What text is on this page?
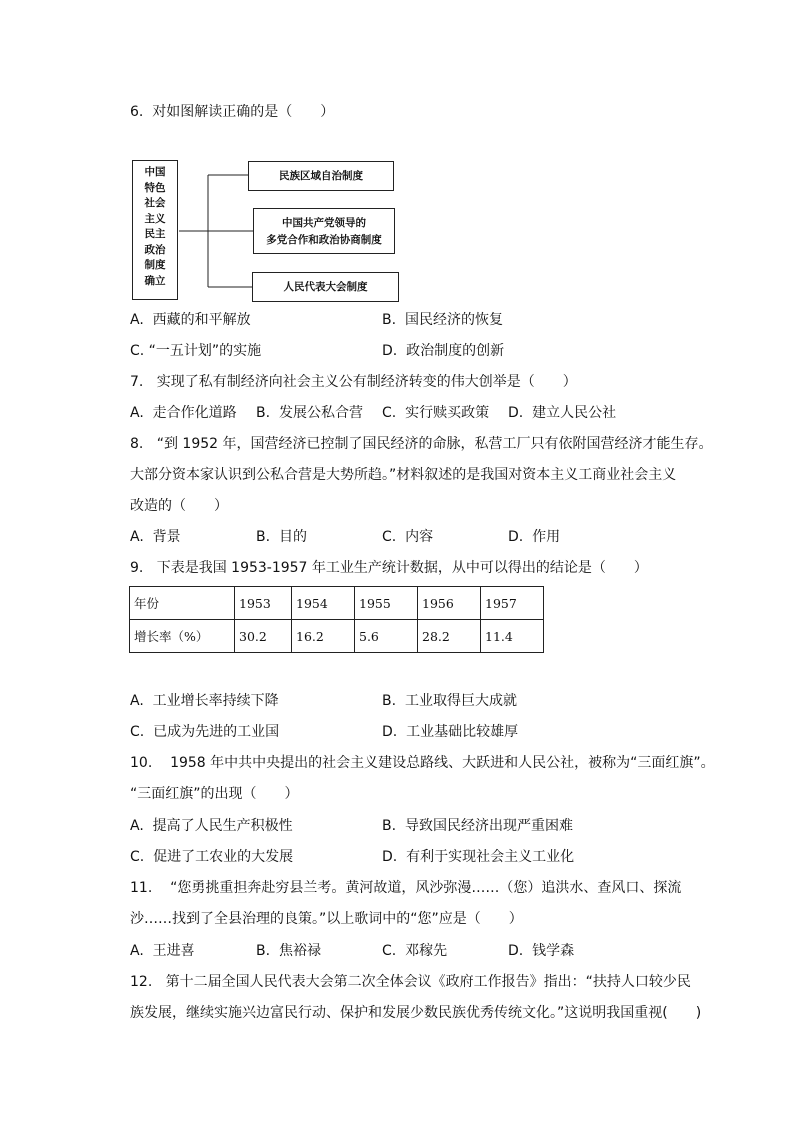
6.  对如图解读正确的是（　　）
中国
特色
社会
主义
民主
政治
制度
确立
民族区域自治制度
中国共产党领导的
多党合作和政治协商制度
人民代表大会制度
A.  西藏的和平解放	B.  国民经济的恢复
C. “一五计划”的实施	D.  政治制度的创新
7.   实现了私有制经济向社会主义公有制经济转变的伟大创举是（　　）
A.  走合作化道路 B.  发展公私合营 C.  实行赎买政策 D.  建立人民公社
8.   “到 1952 年，国营经济已控制了国民经济的命脉，私营工厂只有依附国营经济才能生存。
大部分资本家认识到公私合营是大势所趋。”材料叙述的是我国对资本主义工商业社会主义
改造的（　　）
A.  背景	B.  目的	C.  内容	D.  作用
9.   下表是我国 1953-1957 年工业生产统计数据，从中可以得出的结论是（　　）
年份	1953	1954	1955	1956	1957
增长率（%）	30.2	16.2	5.6	28.2	11.4
A.  工业增长率持续下降	B.  工业取得巨大成就
C.  已成为先进的工业国	D.  工业基础比较雄厚
10.    1958 年中共中央提出的社会主义建设总路线、大跃进和人民公社，被称为“三面红旗”。
“三面红旗”的出现（　　）
A.  提高了人民生产积极性	B.  导致国民经济出现严重困难
C.  促进了工农业的大发展	D.  有利于实现社会主义工业化
11.    “您勇挑重担奔赴穷县兰考。黄河故道，风沙弥漫……（您）追洪水、查风口、探流
沙……找到了全县治理的良策。”以上歌词中的“您”应是（　　）
A.  王进喜	B.  焦裕禄	C.  邓稼先	D.  钱学森
12.   第十二届全国人民代表大会第二次全体会议《政府工作报告》指出：“扶持人口较少民
族发展，继续实施兴边富民行动、保护和发展少数民族优秀传统文化。”这说明我国重视(　　)
